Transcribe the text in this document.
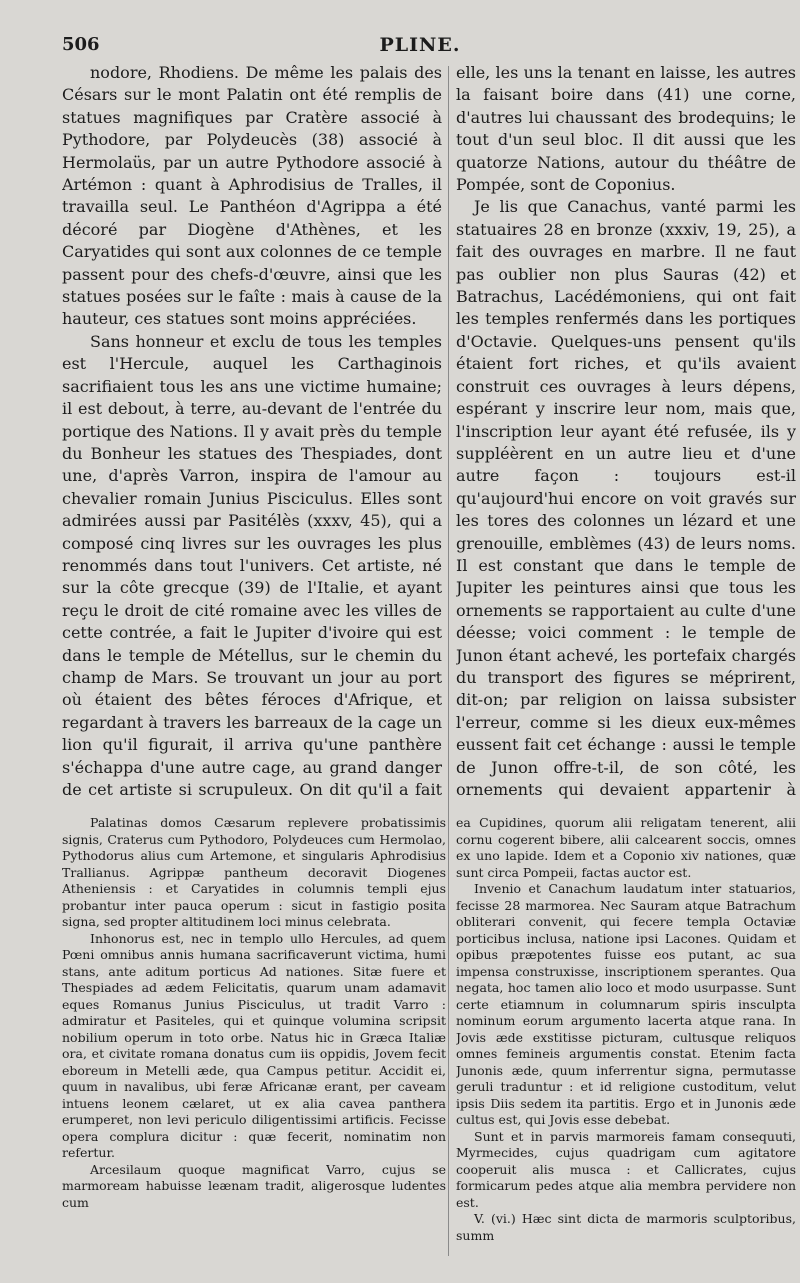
506	PLINE.

nodore, Rhodiens. De même les palais des Césars sur le mont Palatin ont été remplis de statues magnifiques par Cratère associé à Pythodore, par Polydeucès (38) associé à Hermolaüs, par un autre Pythodore associé à Artémon : quant à Aphrodisius de Tralles, il travailla seul. Le Panthéon d'Agrippa a été décoré par Diogène d'Athènes, et les Caryatides qui sont aux colonnes de ce temple passent pour des chefs-d'œuvre, ainsi que les statues posées sur le faîte : mais à cause de la hauteur, ces statues sont moins appréciées.

Sans honneur et exclu de tous les temples est l'Hercule, auquel les Carthaginois sacrifiaient tous les ans une victime humaine; il est debout, à terre, au-devant de l'entrée du portique des Nations. Il y avait près du temple du Bonheur les statues des Thespiades, dont une, d'après Varron, inspira de l'amour au chevalier romain Junius Pisciculus. Elles sont admirées aussi par Pasitélès (xxxv, 45), qui a composé cinq livres sur les ouvrages les plus renommés dans tout l'univers. Cet artiste, né sur la côte grecque (39) de l'Italie, et ayant reçu le droit de cité romaine avec les villes de cette contrée, a fait le Jupiter d'ivoire qui est dans le temple de Métellus, sur le chemin du champ de Mars. Se trouvant un jour au port où étaient des bêtes féroces d'Afrique, et regardant à travers les barreaux de la cage un lion qu'il figurait, il arriva qu'une panthère s'échappa d'une autre cage, au grand danger de cet artiste si scrupuleux. On dit qu'il a fait

elle, les uns la tenant en laisse, les autres la faisant boire dans (41) une corne, d'autres lui chaussant des brodequins; le tout d'un seul bloc. Il dit aussi que les quatorze Nations, autour du théâtre de Pompée, sont de Coponius.

Je lis que Canachus, vanté parmi les statuaires 28 en bronze (xxxiv, 19, 25), a fait des ouvrages en marbre. Il ne faut pas oublier non plus Sauras (42) et Batrachus, Lacédémoniens, qui ont fait les temples renfermés dans les portiques d'Octavie. Quelques-uns pensent qu'ils étaient fort riches, et qu'ils avaient construit ces ouvrages à leurs dépens, espérant y inscrire leur nom, mais que, l'inscription leur ayant été refusée, ils y suppléèrent en un autre lieu et d'une autre façon : toujours est-il qu'aujourd'hui encore on voit gravés sur les tores des colonnes un lézard et une grenouille, emblèmes (43) de leurs noms. Il est constant que dans le temple de Jupiter les peintures ainsi que tous les ornements se rapportaient au culte d'une déesse; voici comment : le temple de Junon étant achevé, les portefaix chargés du transport des figures se méprirent, dit-on; par religion on laissa subsister l'erreur, comme si les dieux eux-mêmes eussent fait cet échange : aussi le temple de Junon offre-t-il, de son côté, les ornements qui devaient appartenir à

Palatinas domos Cæsarum replevere probatissimis signis, Craterus cum Pythodoro, Polydeuces cum Hermolao, Pythodorus alius cum Artemone, et singularis Aphrodisius Trallianus. Agrippæ pantheum decoravit Diogenes Atheniensis : et Caryatides in columnis templi ejus probantur inter pauca operum : sicut in fastigio posita signa, sed propter altitudinem loci minus celebrata.

Inhonorus est, nec in templo ullo Hercules, ad quem Pœni omnibus annis humana sacrificaverunt victima, humi stans, ante aditum porticus Ad nationes. Sitæ fuere et Thespiades ad ædem Felicitatis, quarum unam adamavit eques Romanus Junius Pisciculus, ut tradit Varro : admiratur et Pasiteles, qui et quinque volumina scripsit nobilium operum in toto orbe. Natus hic in Græca Italiæ ora, et civitate romana donatus cum iis oppidis, Jovem fecit eboreum in Metelli æde, qua Campus petitur. Accidit ei, quum in navalibus, ubi feræ Africanæ erant, per caveam intuens leonem cælaret, ut ex alia cavea panthera erumperet, non levi periculo diligentissimi artificis. Fecisse opera complura dicitur : quæ fecerit, nominatim non refertur.

Arcesilaum quoque magnificat Varro, cujus se marmoream habuisse leænam tradit, aligerosque ludentes cum

ea Cupidines, quorum alii religatam tenerent, alii cornu cogerent bibere, alii calcearent soccis, omnes ex uno lapide. Idem et a Coponio xiv nationes, quæ sunt circa Pompeii, factas auctor est.

Invenio et Canachum laudatum inter statuarios, fecisse 28 marmorea. Nec Sauram atque Batrachum obliterari convenit, qui fecere templa Octaviæ porticibus inclusa, natione ipsi Lacones. Quidam et opibus præpotentes fuisse eos putant, ac sua impensa construxisse, inscriptionem sperantes. Qua negata, hoc tamen alio loco et modo usurpasse. Sunt certe etiamnum in columnarum spiris insculpta nominum eorum argumento lacerta atque rana. In Jovis æde exstitisse picturam, cultusque reliquos omnes femineis argumentis constat. Etenim facta Junonis æde, quum inferrentur signa, permutasse geruli traduntur : et id religione custoditum, velut ipsis Diis sedem ita partitis. Ergo et in Junonis æde cultus est, qui Jovis esse debebat.

Sunt et in parvis marmoreis famam consequuti, Myrmecides, cujus quadrigam cum agitatore cooperuit alis musca : et Callicrates, cujus formicarum pedes atque alia membra pervidere non est.

V. (vi.) Hæc sint dicta de marmoris sculptoribus, summ
